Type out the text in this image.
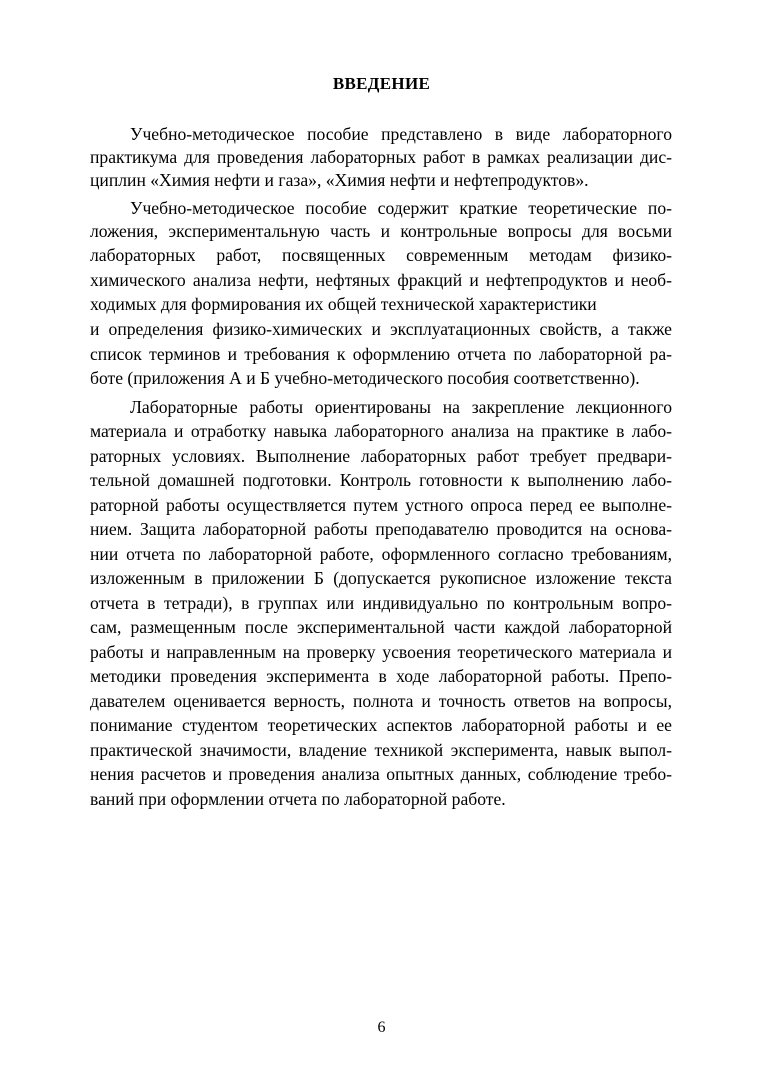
ВВЕДЕНИЕ
Учебно-методическое пособие представлено в виде лабораторного
практикума для проведения лабораторных работ в рамках реализации дис-
циплин «Химия нефти и газа», «Химия нефти и нефтепродуктов».
Учебно-методическое пособие содержит краткие теоретические по-
ложения, экспериментальную часть и контрольные вопросы для восьми
лабораторных работ, посвященных современным методам физико-
химического анализа нефти, нефтяных фракций и нефтепродуктов и необ-
ходимых для формирования их общей технической характеристики
и определения физико-химических и эксплуатационных свойств, а также
список терминов и требования к оформлению отчета по лабораторной ра-
боте (приложения А и Б учебно-методического пособия соответственно).
Лабораторные работы ориентированы на закрепление лекционного
материала и отработку навыка лабораторного анализа на практике в лабо-
раторных условиях. Выполнение лабораторных работ требует предвари-
тельной домашней подготовки. Контроль готовности к выполнению лабо-
раторной работы осуществляется путем устного опроса перед ее выполне-
нием. Защита лабораторной работы преподавателю проводится на основа-
нии отчета по лабораторной работе, оформленного согласно требованиям,
изложенным в приложении Б (допускается рукописное изложение текста
отчета в тетради), в группах или индивидуально по контрольным вопро-
сам, размещенным после экспериментальной части каждой лабораторной
работы и направленным на проверку усвоения теоретического материала и
методики проведения эксперимента в ходе лабораторной работы. Препо-
давателем оценивается верность, полнота и точность ответов на вопросы,
понимание студентом теоретических аспектов лабораторной работы и ее
практической значимости, владение техникой эксперимента, навык выпол-
нения расчетов и проведения анализа опытных данных, соблюдение требо-
ваний при оформлении отчета по лабораторной работе.
6
